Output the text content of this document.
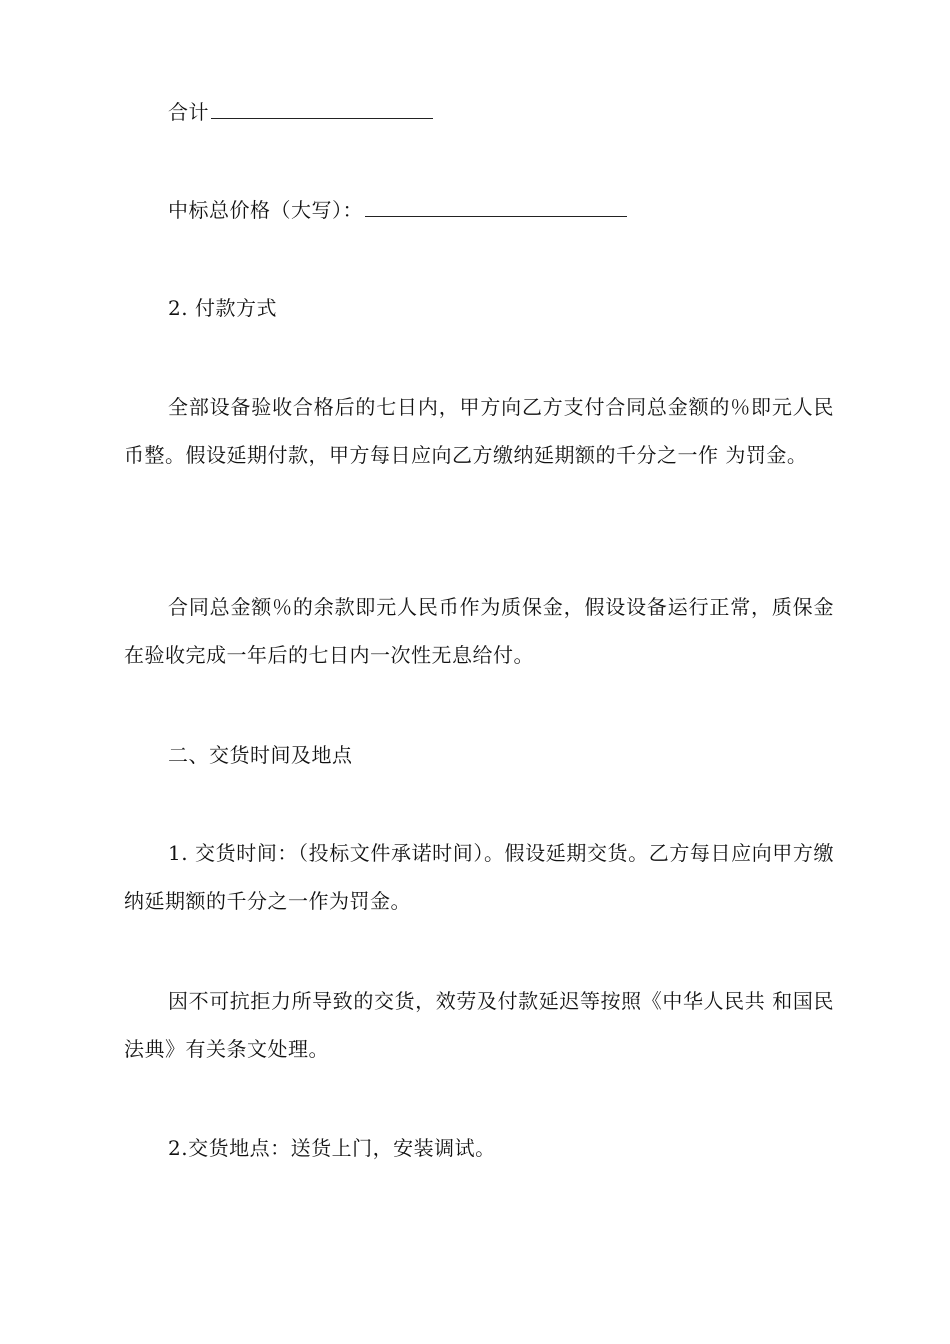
合计

中标总价格（大写）：

2. 付款方式

全部设备验收合格后的七日内，甲方向乙方支付合同总金额的％即元人民币整。假设延期付款，甲方每日应向乙方缴纳延期额的千分之一作 为罚金。

合同总金额％的余款即元人民币作为质保金，假设设备运行正常，质保金在验收完成一年后的七日内一次性无息给付。

二、交货时间及地点

1. 交货时间：（投标文件承诺时间）。假设延期交货。乙方每日应向甲方缴纳延期额的千分之一作为罚金。

因不可抗拒力所导致的交货，效劳及付款延迟等按照《中华人民共 和国民法典》有关条文处理。

2.交货地点：送货上门，安装调试。
